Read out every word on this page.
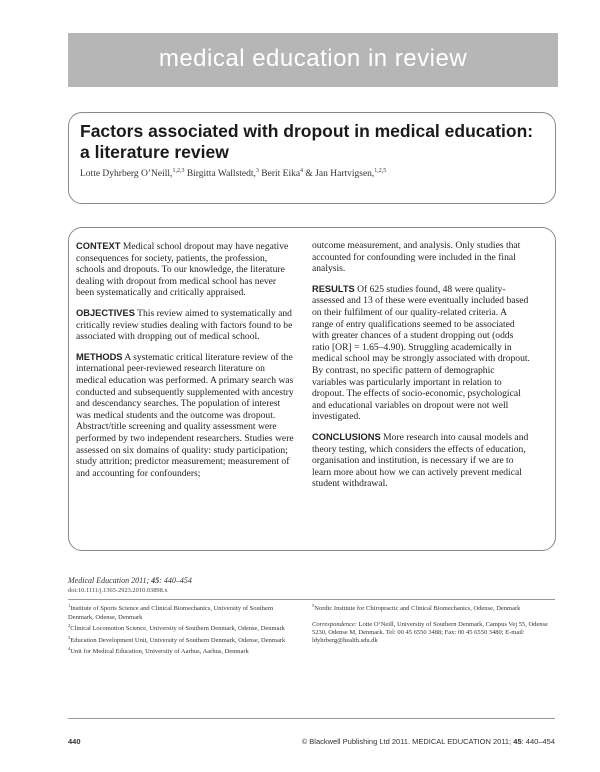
medical education in review
Factors associated with dropout in medical education: a literature review
Lotte Dyhrberg O’Neill,$^{1,2,3}$ Birgitta Wallstedt,$^3$ Berit Eika$^4$ & Jan Hartvigsen,$^{1,2,5}$

CONTEXT Medical school dropout may have negative consequences for society, patients, the profession, schools and dropouts. To our knowledge, the literature dealing with dropout from medical school has never been systematically and critically appraised.

OBJECTIVES This review aimed to systematically and critically review studies dealing with factors found to be associated with dropping out of medical school.

METHODS A systematic critical literature review of the international peer-reviewed research literature on medical education was performed. A primary search was conducted and subsequently supplemented with ancestry and descendancy searches. The population of interest was medical students and the outcome was dropout. Abstract/title screening and quality assessment were performed by two independent researchers. Studies were assessed on six domains of quality: study participation; study attrition; predictor measurement; measurement of and accounting for confounders;

outcome measurement, and analysis. Only studies that accounted for confounding were included in the final analysis.

RESULTS Of 625 studies found, 48 were quality-assessed and 13 of these were eventually included based on their fulfilment of our quality-related criteria. A range of entry qualifications seemed to be associated with greater chances of a student dropping out (odds ratio [OR] = 1.65–4.90). Struggling academically in medical school may be strongly associated with dropout. By contrast, no specific pattern of demographic variables was particularly important in relation to dropout. The effects of socio-economic, psychological and educational variables on dropout were not well investigated.

CONCLUSIONS More research into causal models and theory testing, which considers the effects of education, organisation and institution, is necessary if we are to learn more about how we can actively prevent medical student withdrawal.

Medical Education 2011; 45: 440–454
doi:10.1111/j.1365-2923.2010.03898.x

$^1$Institute of Sports Science and Clinical Biomechanics, University of Southern Denmark, Odense, Denmark

$^2$Clinical Locomotion Science, University of Southern Denmark, Odense, Denmark

$^3$Education Development Unit, University of Southern Denmark, Odense, Denmark

$^4$Unit for Medical Education, University of Aarhus, Aarhus, Denmark

$^5$Nordic Institute for Chiropractic and Clinical Biomechanics, Odense, Denmark

Correspondence: Lotte O’Neill, University of Southern Denmark, Campus Vej 55, Odense 5230, Odense M, Denmark. Tel: 00 45 6550 3488; Fax: 00 45 6550 3480; E-mail: ldyhrberg@health.sdu.dk

440	© Blackwell Publishing Ltd 2011. MEDICAL EDUCATION 2011; 45: 440–454
